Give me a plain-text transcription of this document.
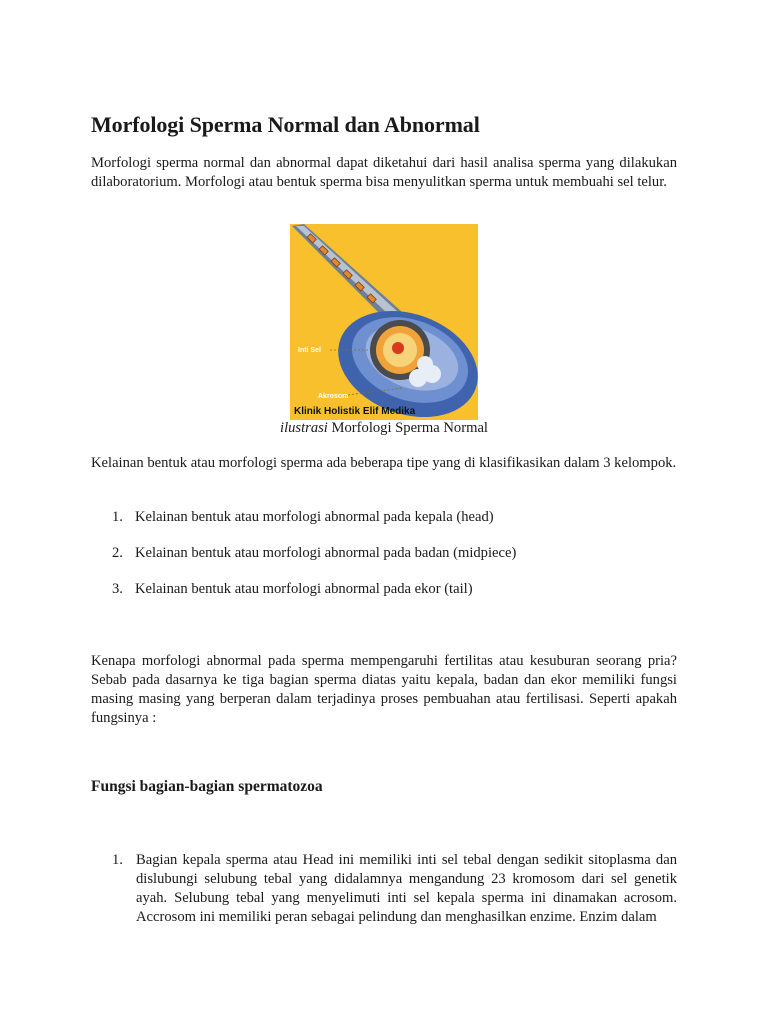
Morfologi Sperma Normal dan Abnormal

Morfologi sperma normal dan abnormal dapat diketahui dari hasil analisa sperma yang dilakukan dilaboratorium. Morfologi atau bentuk sperma bisa menyulitkan sperma untuk membuahi sel telur.

Inti Sel
Akrosom
Klinik Holistik Elif Medika
ilustrasi Morfologi Sperma Normal

Kelainan bentuk atau morfologi sperma ada beberapa tipe yang di klasifikasikan dalam 3 kelompok.

1. Kelainan bentuk atau morfologi abnormal pada kepala (head)
2. Kelainan bentuk atau morfologi abnormal pada badan (midpiece)
3. Kelainan bentuk atau morfologi abnormal pada ekor (tail)

Kenapa morfologi abnormal pada sperma mempengaruhi fertilitas atau kesuburan seorang pria? Sebab pada dasarnya ke tiga bagian sperma diatas yaitu kepala, badan dan ekor memiliki fungsi masing masing yang berperan dalam terjadinya proses pembuahan atau fertilisasi. Seperti apakah fungsinya :

Fungsi bagian-bagian spermatozoa
1. Bagian kepala sperma atau Head ini memiliki inti sel tebal dengan sedikit sitoplasma dan dislubungi selubung tebal yang didalamnya mengandung 23 kromosom dari sel genetik ayah. Selubung tebal yang menyelimuti inti sel kepala sperma ini dinamakan acrosom. Accrosom ini memiliki peran sebagai pelindung dan menghasilkan enzime. Enzim dalam
